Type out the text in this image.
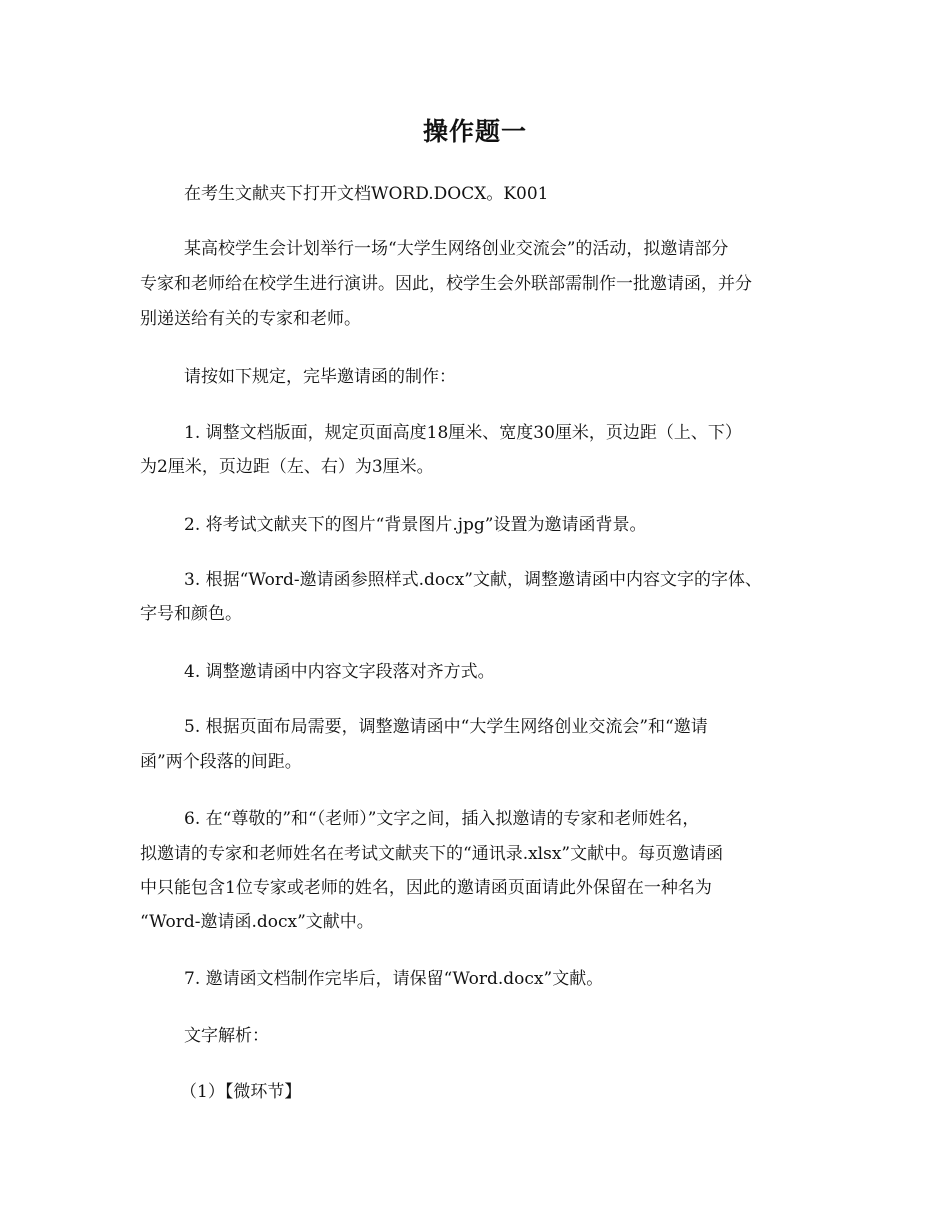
操作题一
在考生文献夹下打开文档WORD.DOCX。K001
某高校学生会计划举行一场“大学生网络创业交流会”的活动，拟邀请部分
专家和老师给在校学生进行演讲。因此，校学生会外联部需制作一批邀请函，并分
别递送给有关的专家和老师。
请按如下规定，完毕邀请函的制作：
1. 调整文档版面，规定页面高度18厘米、宽度30厘米，页边距（上、下）
为2厘米，页边距（左、右）为3厘米。
2. 将考试文献夹下的图片“背景图片.jpg”设置为邀请函背景。
3. 根据“Word-邀请函参照样式.docx”文献，调整邀请函中内容文字的字体、
字号和颜色。
4. 调整邀请函中内容文字段落对齐方式。
5. 根据页面布局需要，调整邀请函中“大学生网络创业交流会”和“邀请
函”两个段落的间距。
6. 在“尊敬的”和“（老师）”文字之间，插入拟邀请的专家和老师姓名，
拟邀请的专家和老师姓名在考试文献夹下的“通讯录.xlsx”文献中。每页邀请函
中只能包含1位专家或老师的姓名，因此的邀请函页面请此外保留在一种名为
“Word-邀请函.docx”文献中。
7. 邀请函文档制作完毕后，请保留“Word.docx”文献。
文字解析：
（1）【微环节】
